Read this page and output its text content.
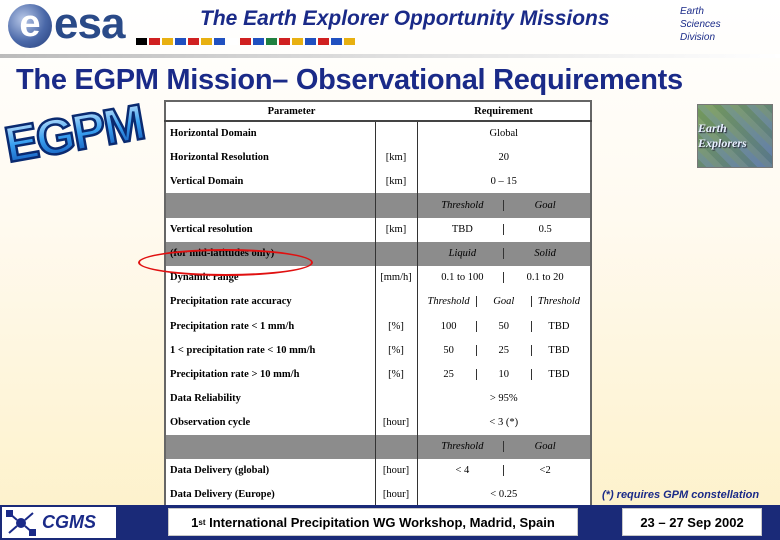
e esa	The Earth Explorer Opportunity Missions	Earth
Sciences
Division
The EGPM Mission– Observational Requirements
EGPM	Earth Explorers
Parameter		Requirement
Horizontal Domain		Global
Horizontal Resolution	[km]	20
Vertical Domain	[km]	0 – 15

		Threshold Goal

Vertical resolution	[km]	TBD 0.5

(for mid-latitudes only)		Liquid Solid

Dynamic range	[mm/h]	0.1 to 100 0.1 to 20

Precipitation rate accuracy		Threshold Goal Threshold

Precipitation rate < 1 mm/h	[%]	100 50 TBD

1 < precipitation rate < 10 mm/h	[%]	50 25 TBD

Precipitation rate > 10 mm/h	[%]	25 10 TBD

Data Reliability		> 95%
Observation cycle	[hour]	< 3 (*)

		Threshold Goal

Data Delivery (global)	[hour]	< 4 <2

Data Delivery (Europe)	[hour]	< 0.25	(*) requires GPM constellation
CGMS	1 st International Precipitation WG Workshop, Madrid, Spain	23 – 27 Sep 2002
